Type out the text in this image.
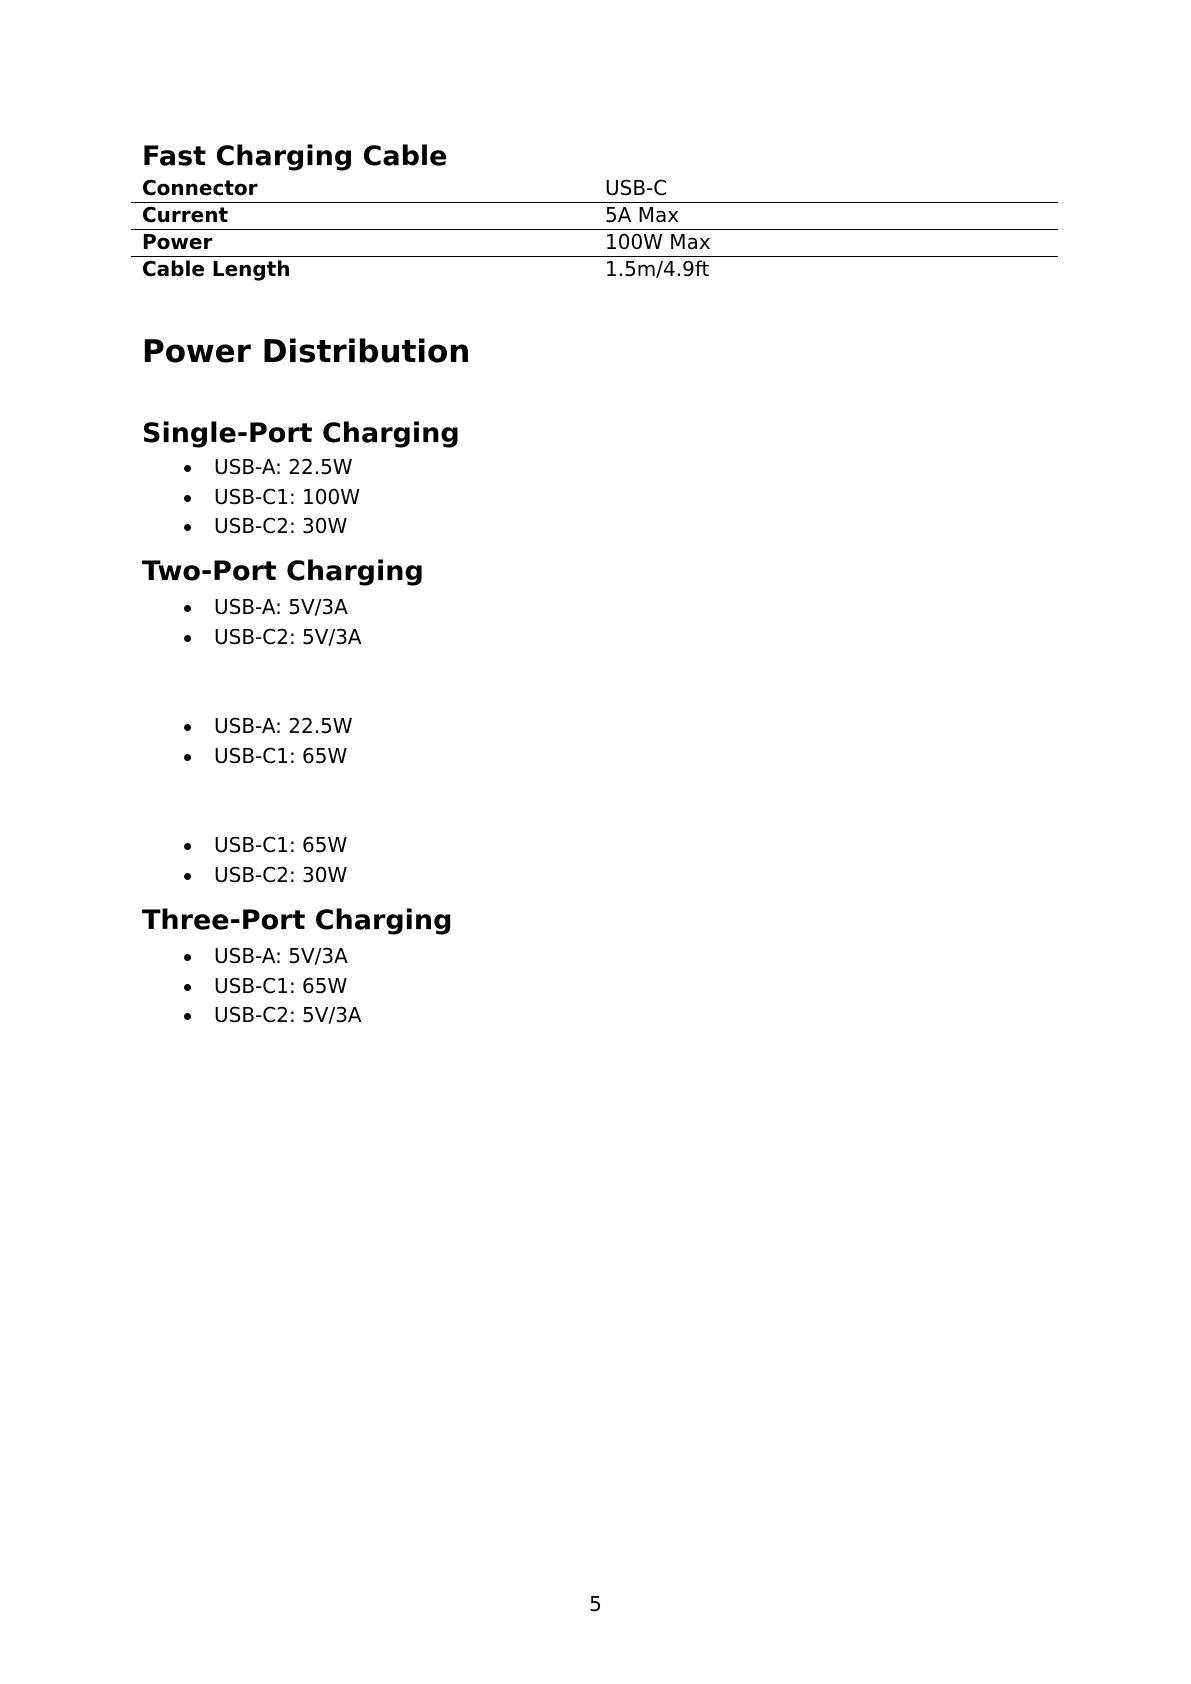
Fast Charging Cable
Connector	USB-C
Current	5A Max
Power	100W Max
Cable Length	1.5m/4.9ft
Power Distribution
Single-Port Charging
USB-A: 22.5W
USB-C1: 100W
USB-C2: 30W
Two-Port Charging
USB-A: 5V/3A
USB-C2: 5V/3A
USB-A: 22.5W
USB-C1: 65W
USB-C1: 65W
USB-C2: 30W
Three-Port Charging
USB-A: 5V/3A
USB-C1: 65W
USB-C2: 5V/3A
5
